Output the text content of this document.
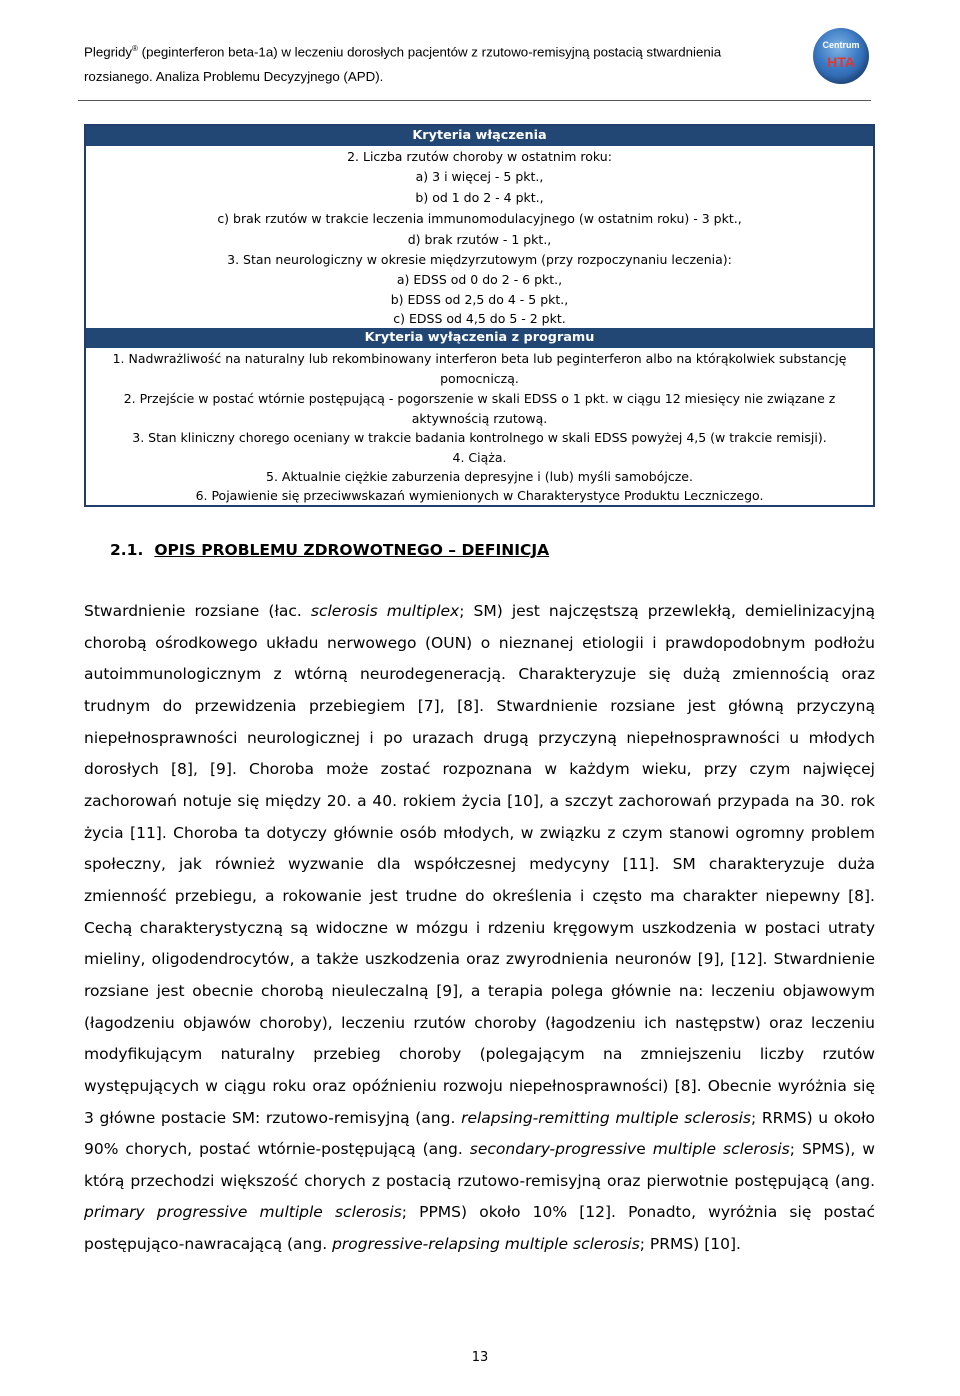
Plegridy® (peginterferon beta-1a) w leczeniu dorosłych pacjentów z rzutowo-remisyjną postacią stwardnienia
rozsianego. Analiza Problemu Decyzyjnego (APD).
Centrum
HTA
Kryteria włączenia
2. Liczba rzutów choroby w ostatnim roku:
a) 3 i więcej - 5 pkt.,
b) od 1 do 2 - 4 pkt.,
c) brak rzutów w trakcie leczenia immunomodulacyjnego (w ostatnim roku) - 3 pkt.,
d) brak rzutów - 1 pkt.,
3. Stan neurologiczny w okresie międzyrzutowym (przy rozpoczynaniu leczenia):
a) EDSS od 0 do 2 - 6 pkt.,
b) EDSS od 2,5 do 4 - 5 pkt.,
c) EDSS od 4,5 do 5 - 2 pkt.
Kryteria wyłączenia z programu
1. Nadwrażliwość na naturalny lub rekombinowany interferon beta lub peginterferon albo na którąkolwiek substancję
pomocniczą.
2. Przejście w postać wtórnie postępującą - pogorszenie w skali EDSS o 1 pkt. w ciągu 12 miesięcy nie związane z
aktywnością rzutową.
3. Stan kliniczny chorego oceniany w trakcie badania kontrolnego w skali EDSS powyżej 4,5 (w trakcie remisji).
4. Ciąża.
5. Aktualnie ciężkie zaburzenia depresyjne i (lub) myśli samobójcze.
6. Pojawienie się przeciwwskazań wymienionych w Charakterystyce Produktu Leczniczego.
2.1. OPIS PROBLEMU ZDROWOTNEGO – DEFINICJA
Stwardnienie rozsiane (łac. sclerosis multiplex; SM) jest najczęstszą przewlekłą, demielinizacyjną chorobą ośrodkowego układu nerwowego (OUN) o nieznanej etiologii i prawdopodobnym podłożu autoimmunologicznym z wtórną neurodegeneracją. Charakteryzuje się dużą zmiennością oraz trudnym do przewidzenia przebiegiem [7], [8]. Stwardnienie rozsiane jest główną przyczyną niepełnosprawności neurologicznej i po urazach drugą przyczyną niepełnosprawności u młodych dorosłych [8], [9]. Choroba może zostać rozpoznana w każdym wieku, przy czym najwięcej zachorowań notuje się między 20. a 40. rokiem życia [10], a szczyt zachorowań przypada na 30. rok życia [11]. Choroba ta dotyczy głównie osób młodych, w związku z czym stanowi ogromny problem społeczny, jak również wyzwanie dla współczesnej medycyny [11]. SM charakteryzuje duża zmienność przebiegu, a rokowanie jest trudne do określenia i często ma charakter niepewny [8]. Cechą charakterystyczną są widoczne w mózgu i rdzeniu kręgowym uszkodzenia w postaci utraty mieliny, oligodendrocytów, a także uszkodzenia oraz zwyrodnienia neuronów [9], [12]. Stwardnienie rozsiane jest obecnie chorobą nieuleczalną [9], a terapia polega głównie na: leczeniu objawowym (łagodzeniu objawów choroby), leczeniu rzutów choroby (łagodzeniu ich następstw) oraz leczeniu modyfikującym naturalny przebieg choroby (polegającym na zmniejszeniu liczby rzutów występujących w ciągu roku oraz opóźnieniu rozwoju niepełnosprawności) [8]. Obecnie wyróżnia się 3 główne postacie SM: rzutowo-remisyjną (ang. relapsing-remitting multiple sclerosis; RRMS) u około 90% chorych, postać wtórnie-postępującą (ang. secondary-progressive multiple sclerosis; SPMS), w którą przechodzi większość chorych z postacią rzutowo-remisyjną oraz pierwotnie postępującą (ang. primary progressive multiple sclerosis; PPMS) około 10% [12]. Ponadto, wyróżnia się postać postępująco-nawracającą (ang. progressive-relapsing multiple sclerosis; PRMS) [10].
13
